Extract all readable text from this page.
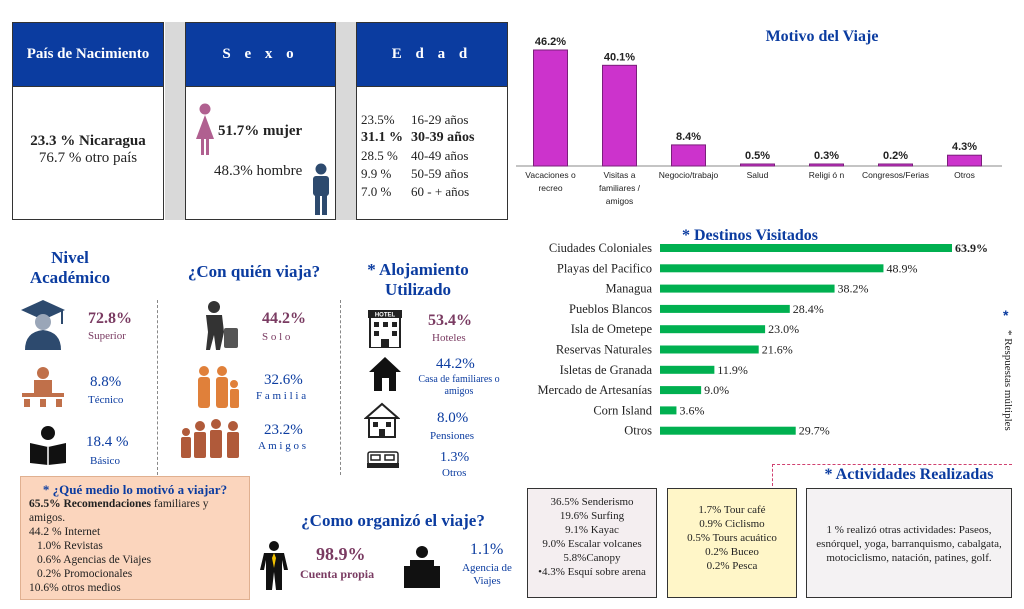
País de Nacimiento
23.3 % Nicaragua
76.7 % otro país
S e x o
51.7% mujer
48.3% hombre
E d a d
23.5%	16-29 años
31.1 % 30-39 años
28.5 %	40-49 años
9.9 %	50-59 años
7.0 %	60 - + años
Motivo del Viaje
46.2%
Vacaciones o
recreo
40.1%
Visitas a
familiares /
amigos
8.4%
Negocio/trabajo
0.5%
Salud
0.3%
Religi ó n
0.2%
Congresos/Ferias
4.3%
Otros
* Destinos Visitados
Ciudades Coloniales	63.9%
Playas del Pacifico	48.9%
Managua	38.2%
Pueblos Blancos	28.4%
Isla de Ometepe	23.0%
Reservas Naturales	21.6%
Isletas de Granada	11.9%
Mercado de Artesanías	9.0%
Corn Island 3.6%
Otros	29.7%
*
* Respuestas múltiples
Nivel Académico	¿Con quién viaja?	* Alojamiento Utilizado
72.8%
Superior
8.8%
Técnico
18.4 %
Básico
44.2%
S o l o
32.6%
F a m i l i a
23.2%
A m i g o s
HOTEL 53.4%
Hoteles
44.2%
Casa de familiares o amigos
8.0%
Pensiones
1.3%
Otros
* ¿Qué medio lo motivó a viajar?
65.5% Recomendaciones familiares y amigos.
44.2 % Internet
1.0% Revistas
0.6% Agencias de Viajes
0.2% Promocionales
10.6% otros medios
¿Como organizó el viaje?
98.9%
Cuenta propia
1.1%
Agencia de Viajes
* Actividades Realizadas
36.5% Senderismo
19.6% Surfing
9.1% Kayac
9.0% Escalar volcanes
5.8%Canopy
•4.3% Esquí sobre arena
1.7% Tour café
0.9% Ciclismo
0.5% Tours acuático
0.2% Buceo
0.2% Pesca
1 % realizó otras actividades: Paseos, esnórquel, yoga, barranquismo, cabalgata, motociclismo, natación, patines, golf.
